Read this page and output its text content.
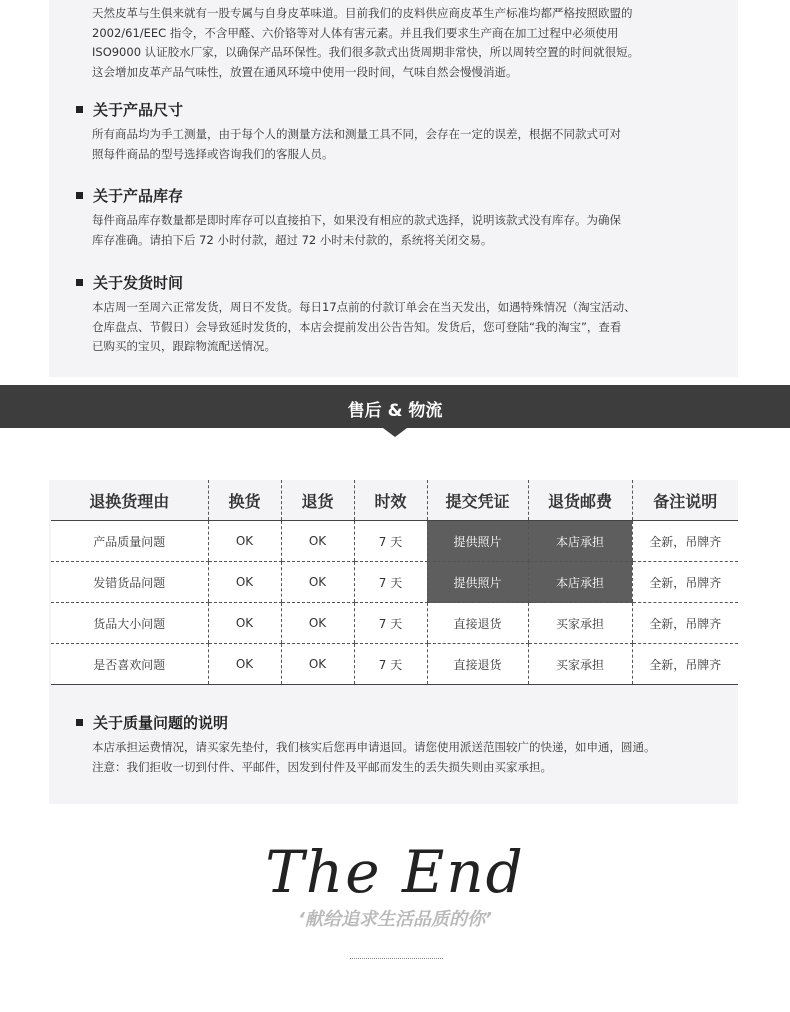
天然皮革与生俱来就有一股专属与自身皮革味道。目前我们的皮料供应商皮革生产标准均都严格按照欧盟的
2002/61/EEC 指令，不含甲醛、六价铬等对人体有害元素。并且我们要求生产商在加工过程中必须使用
ISO9000 认证胶水厂家，以确保产品环保性。我们很多款式出货周期非常快，所以周转空置的时间就很短。
这会增加皮革产品气味性，放置在通风环境中使用一段时间，气味自然会慢慢消逝。
关于产品尺寸
所有商品均为手工测量，由于每个人的测量方法和测量工具不同，会存在一定的误差，根据不同款式可对
照每件商品的型号选择或咨询我们的客服人员。
关于产品库存
每件商品库存数量都是即时库存可以直接拍下，如果没有相应的款式选择，说明该款式没有库存。为确保
库存准确。请拍下后 72 小时付款，超过 72 小时未付款的，系统将关闭交易。
关于发货时间
本店周一至周六正常发货，周日不发货。每日17点前的付款订单会在当天发出，如遇特殊情况（淘宝活动、
仓库盘点、节假日）会导致延时发货的，本店会提前发出公告告知。发货后，您可登陆“我的淘宝”，查看
已购买的宝贝，跟踪物流配送情况。
售后 & 物流
退换货理由	换货	退货	时效	提交凭证	退货邮费	备注说明
产品质量问题	OK	OK	7 天	提供照片	本店承担	全新，吊牌齐
发错货品问题	OK	OK	7 天	提供照片	本店承担	全新，吊牌齐
货品大小问题	OK	OK	7 天	直接退货	买家承担	全新，吊牌齐
是否喜欢问题	OK	OK	7 天	直接退货	买家承担	全新，吊牌齐
关于质量问题的说明
本店承担运费情况，请买家先垫付，我们核实后您再申请退回。请您使用派送范围较广的快递，如申通，圆通。
注意：我们拒收一切到付件、平邮件，因发到付件及平邮而发生的丢失损失则由买家承担。
The End
‘献给追求生活品质的你’
